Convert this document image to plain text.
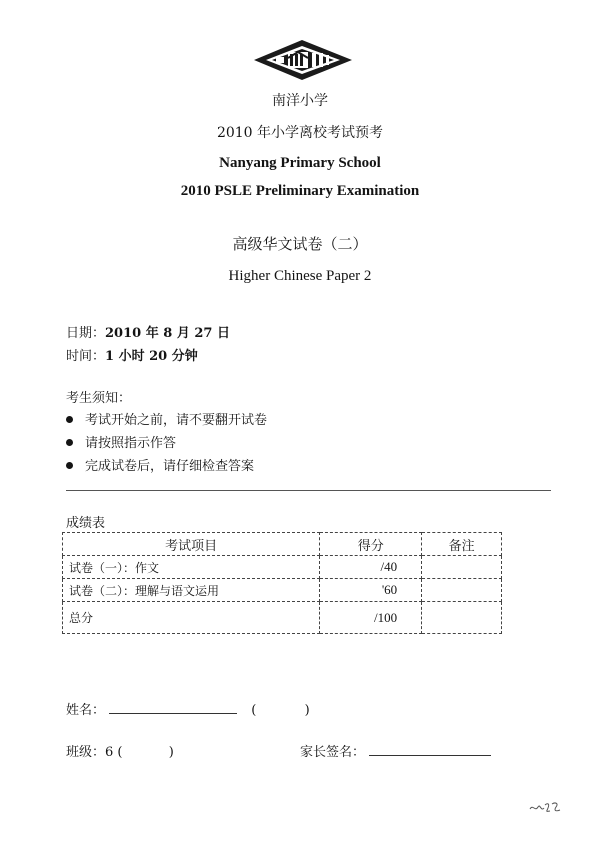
南洋小学
2010 年小学离校考试预考
Nanyang Primary School
2010 PSLE Preliminary Examination
高级华文试卷（二）
Higher Chinese Paper 2
日期：2010 年 8 月 27 日
时间：1 小时 20 分钟
考生须知：
考试开始之前，请不要翻开试卷
请按照指示作答
完成试卷后，请仔细检查答案
成绩表
考试项目	得分	备注
试卷（一）：作文	/40	
试卷（二）：理解与语文运用	'60	
总分	/100	
姓名：	(	)
班级：6 (	)	家长签名：
